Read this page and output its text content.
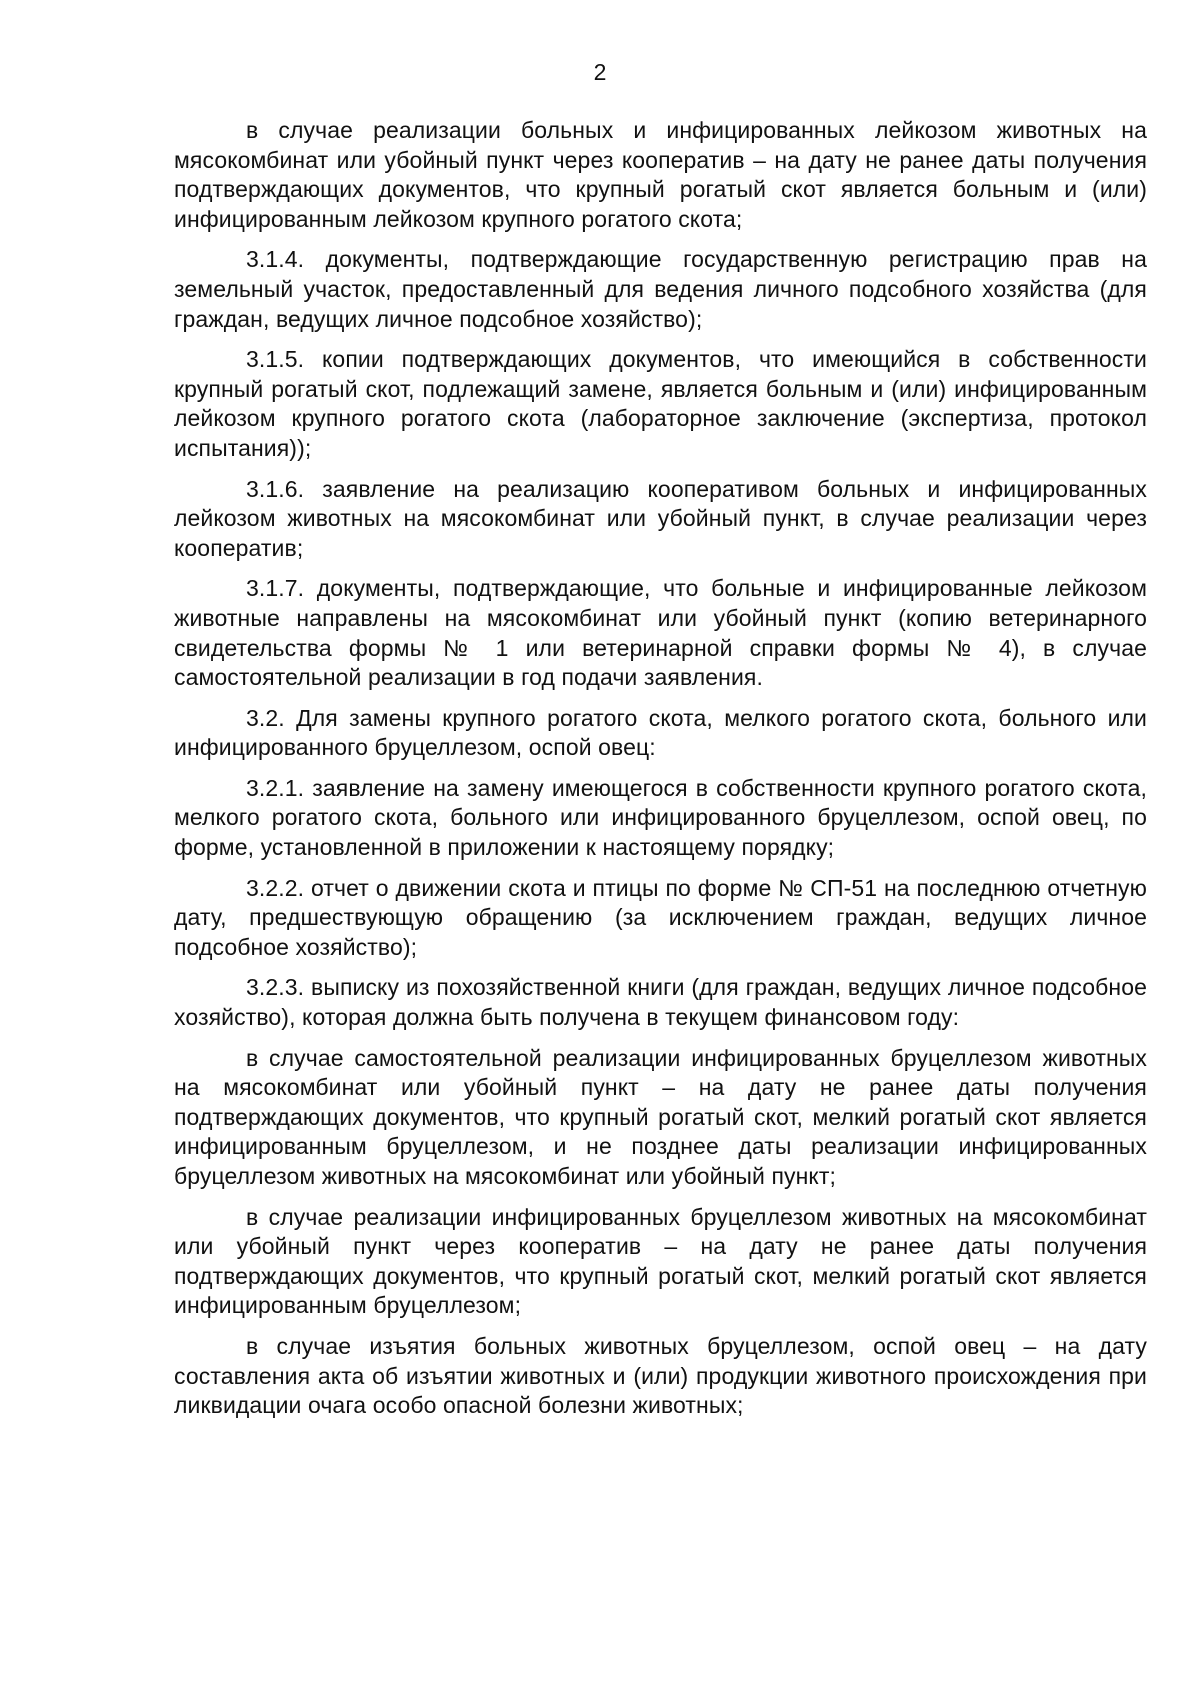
2

в случае реализации больных и инфицированных лейкозом животных на мясокомбинат или убойный пункт через кооператив – на дату не ранее даты получения подтверждающих документов, что крупный рогатый скот является больным и (или) инфицированным лейкозом крупного рогатого скота;

3.1.4. документы, подтверждающие государственную регистрацию прав на земельный участок, предоставленный для ведения личного подсобного хозяйства (для граждан, ведущих личное подсобное хозяйство);

3.1.5. копии подтверждающих документов, что имеющийся в собственности крупный рогатый скот, подлежащий замене, является больным и (или) инфицированным лейкозом крупного рогатого скота (лабораторное заключение (экспертиза, протокол испытания));

3.1.6. заявление на реализацию кооперативом больных и инфицированных лейкозом животных на мясокомбинат или убойный пункт, в случае реализации через кооператив;

3.1.7. документы, подтверждающие, что больные и инфицированные лейкозом животные направлены на мясокомбинат или убойный пункт (копию ветеринарного свидетельства формы № 1 или ветеринарной справки формы № 4), в случае самостоятельной реализации в год подачи заявления.

3.2. Для замены крупного рогатого скота, мелкого рогатого скота, больного или инфицированного бруцеллезом, оспой овец:

3.2.1. заявление на замену имеющегося в собственности крупного рогатого скота, мелкого рогатого скота, больного или инфицированного бруцеллезом, оспой овец, по форме, установленной в приложении к настоящему порядку;

3.2.2. отчет о движении скота и птицы по форме № СП-51 на последнюю отчетную дату, предшествующую обращению (за исключением граждан, ведущих личное подсобное хозяйство);

3.2.3. выписку из похозяйственной книги (для граждан, ведущих личное подсобное хозяйство), которая должна быть получена в текущем финансовом году:

в случае самостоятельной реализации инфицированных бруцеллезом животных на мясокомбинат или убойный пункт – на дату не ранее даты получения подтверждающих документов, что крупный рогатый скот, мелкий рогатый скот является инфицированным бруцеллезом, и не позднее даты реализации инфицированных бруцеллезом животных на мясокомбинат или убойный пункт;

в случае реализации инфицированных бруцеллезом животных на мясокомбинат или убойный пункт через кооператив – на дату не ранее даты получения подтверждающих документов, что крупный рогатый скот, мелкий рогатый скот является инфицированным бруцеллезом;

в случае изъятия больных животных бруцеллезом, оспой овец – на дату составления акта об изъятии животных и (или) продукции животного происхождения при ликвидации очага особо опасной болезни животных;
